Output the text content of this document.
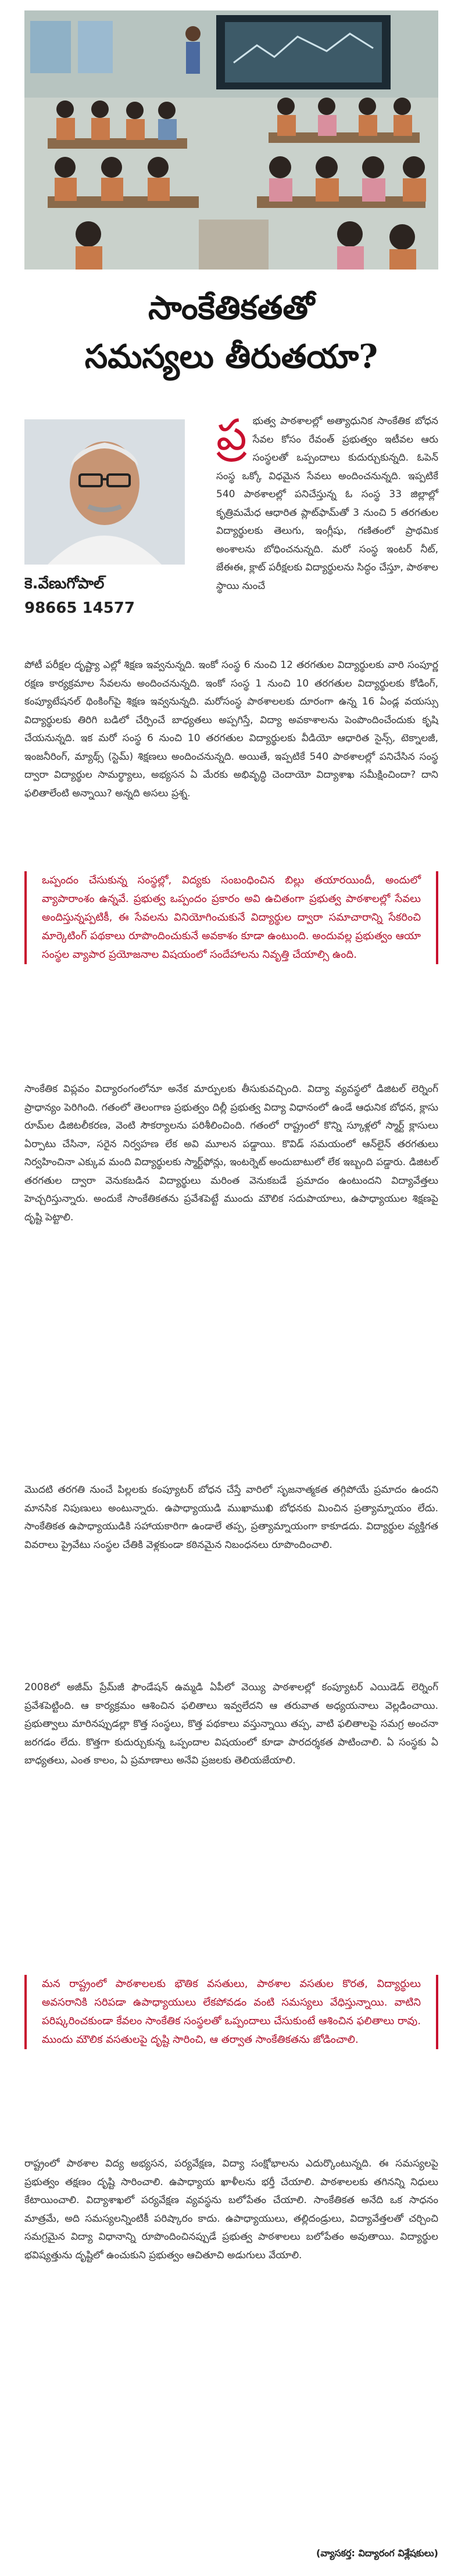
సాంకేతికతతో
సమస్యలు తీరుతయా?
కె.వేణుగోపాల్
98665 14577
ప్ర భుత్వ పాఠశాలల్లో అత్యాధునిక సాంకేతిక బోధన సేవల కోసం రేవంత్ ప్రభుత్వం ఇటీవల ఆరు సంస్థలతో ఒప్పందాలు కుదుర్చుకున్నది. ఓపెన్ సంస్థ ఒక్కో విధమైన సేవలు అందించనున్నది. ఇప్పటికే 540 పాఠశాలల్లో పనిచేస్తున్న ఓ సంస్థ 33 జిల్లాల్లో కృత్రిమమేధ ఆధారిత ప్లాట్‌ఫామ్‌తో 3 నుంచి 5 తరగతుల విద్యార్థులకు తెలుగు, ఇంగ్లీషు, గణితంలో ప్రాథమిక అంశాలను బోధించనున్నది. మరో సంస్థ ఇంటర్ నీట్, జేఈఈ, క్లాట్ పరీక్షలకు విద్యార్థులను సిద్ధం చేస్తూ, పాఠశాల స్థాయి నుంచే

పోటీ పరీక్షల దృష్ట్యా ఎల్లో శిక్షణ ఇవ్వనున్నది. ఇంకో సంస్థ 6 నుంచి 12 తరగతుల విద్యార్థులకు వారి సంపూర్ణ రక్షణ కార్యక్రమాల సేవలను అందించనున్నది. ఇంకో సంస్థ 1 నుంచి 10 తరగతుల విద్యార్థులకు కోడింగ్, కంప్యూటేషనల్ థింకింగ్‌పై శిక్షణ ఇవ్వనున్నది. మరోసంస్థ పాఠశాలలకు దూరంగా ఉన్న 16 ఏండ్ల వయస్సు విద్యార్థులకు తిరిగి బడిలో చేర్పించే బాధ్యతలు అప్పగిస్తే, విద్యా అవకాశాలను పెంపొందించేందుకు కృషి చేయనున్నది. ఇక మరో సంస్థ 6 నుంచి 10 తరగతుల విద్యార్థులకు వీడియో ఆధారిత సైన్స్, టెక్నాలజీ, ఇంజనీరింగ్, మ్యాథ్స్ (స్టెమ్) శిక్షణలు అందించనున్నది. అయితే, ఇప్పటికే 540 పాఠశాలల్లో పనిచేసిన సంస్థ ద్వారా విద్యార్థుల సామర్థ్యాలు, అభ్యసన ఏ మేరకు అభివృద్ధి చెందాయో విద్యాశాఖ సమీక్షించిందా? దాని ఫలితాలేంటి అన్నాయి? అన్నది అసలు ప్రశ్న.

ఒప్పందం చేసుకున్న సంస్థల్లో, విద్యకు సంబంధించిన బిల్లు తయారయిందీ, అందులో వ్యాపారాంశం ఉన్నవే. ప్రభుత్వ ఒప్పందం ప్రకారం అవి ఉచితంగా ప్రభుత్వ పాఠశాలల్లో సేవలు అందిస్తున్నప్పటికీ, ఈ సేవలను వినియోగించుకునే విద్యార్థుల ద్వారా సమాచారాన్ని సేకరించి మార్కెటింగ్ పథకాలు రూపొందించుకునే అవకాశం కూడా ఉంటుంది. అందువల్ల ప్రభుత్వం ఆయా సంస్థల వ్యాపార ప్రయోజనాల విషయంలో సందేహాలను నివృత్తి చేయాల్సి ఉంది.

సాంకేతిక విప్లవం విద్యారంగంలోనూ అనేక మార్పులకు తీసుకువచ్చింది. విద్యా వ్యవస్థలో డిజిటల్ లెర్నింగ్ ప్రాధాన్యం పెరిగింది. గతంలో తెలంగాణ ప్రభుత్వం దిల్లీ ప్రభుత్వ విద్యా విధానంలో ఉండే ఆధునిక బోధన, క్లాసు రూమ్‌ల డిజిటలీకరణ, వెంటి సౌకర్యాలను పరిశీలించింది. గతంలో రాష్ట్రంలో కొన్ని స్కూళ్లలో స్మార్ట్ క్లాసులు ఏర్పాటు చేసినా, సరైన నిర్వహణ లేక అవి మూలన పడ్డాయి. కొవిడ్ సమయంలో ఆన్‌లైన్ తరగతులు నిర్వహించినా ఎక్కువ మంది విద్యార్థులకు స్మార్ట్‌ఫోన్లు, ఇంటర్నెట్ అందుబాటులో లేక ఇబ్బంది పడ్డారు. డిజిటల్ తరగతుల ద్వారా వెనుకబడిన విద్యార్థులు మరింత వెనుకబడే ప్రమాదం ఉంటుందని విద్యావేత్తలు హెచ్చరిస్తున్నారు. అందుకే సాంకేతికతను ప్రవేశపెట్టే ముందు మౌలిక సదుపాయాలు, ఉపాధ్యాయుల శిక్షణపై దృష్టి పెట్టాలి.

మొదటి తరగతి నుంచే పిల్లలకు కంప్యూటర్ బోధన చేస్తే వారిలో సృజనాత్మకత తగ్గిపోయే ప్రమాదం ఉందని మానసిక నిపుణులు అంటున్నారు. ఉపాధ్యాయుడి ముఖాముఖి బోధనకు మించిన ప్రత్యామ్నాయం లేదు. సాంకేతికత ఉపాధ్యాయుడికి సహాయకారిగా ఉండాలే తప్ప, ప్రత్యామ్నాయంగా కాకూడదు. విద్యార్థుల వ్యక్తిగత వివరాలు ప్రైవేటు సంస్థల చేతికి వెళ్లకుండా కఠినమైన నిబంధనలు రూపొందించాలి.

2008లో అజీమ్ ప్రేమ్‌జీ ఫౌండేషన్ ఉమ్మడి ఏపీలో వెయ్యి పాఠశాలల్లో కంప్యూటర్ ఎయిడెడ్ లెర్నింగ్ ప్రవేశపెట్టింది. ఆ కార్యక్రమం ఆశించిన ఫలితాలు ఇవ్వలేదని ఆ తరువాత అధ్యయనాలు వెల్లడించాయి. ప్రభుత్వాలు మారినప్పుడల్లా కొత్త సంస్థలు, కొత్త పథకాలు వస్తున్నాయి తప్ప, వాటి ఫలితాలపై సమగ్ర అంచనా జరగడం లేదు. కొత్తగా కుదుర్చుకున్న ఒప్పందాల విషయంలో కూడా పారదర్శకత పాటించాలి. ఏ సంస్థకు ఏ బాధ్యతలు, ఎంత కాలం, ఏ ప్రమాణాలు అనేవి ప్రజలకు తెలియజేయాలి.

మన రాష్ట్రంలో పాఠశాలలకు భౌతిక వసతులు, పాఠశాల వసతుల కొరత, విద్యార్థులు అవసరానికి సరిపడా ఉపాధ్యాయులు లేకపోవడం వంటి సమస్యలు వేధిస్తున్నాయి. వాటిని పరిష్కరించకుండా కేవలం సాంకేతిక సంస్థలతో ఒప్పందాలు చేసుకుంటే ఆశించిన ఫలితాలు రావు. ముందు మౌలిక వసతులపై దృష్టి సారించి, ఆ తర్వాత సాంకేతికతను జోడించాలి.

రాష్ట్రంలో పాఠశాల విద్య అభ్యసన, పర్యవేక్షణ, విద్యా సంక్షోభాలను ఎదుర్కొంటున్నది. ఈ సమస్యలపై ప్రభుత్వం తక్షణం దృష్టి సారించాలి. ఉపాధ్యాయ ఖాళీలను భర్తీ చేయాలి. పాఠశాలలకు తగినన్ని నిధులు కేటాయించాలి. విద్యాశాఖలో పర్యవేక్షణ వ్యవస్థను బలోపేతం చేయాలి. సాంకేతికత అనేది ఒక సాధనం మాత్రమే, అది సమస్యలన్నింటికీ పరిష్కారం కాదు. ఉపాధ్యాయులు, తల్లిదండ్రులు, విద్యావేత్తలతో చర్చించి సమగ్రమైన విద్యా విధానాన్ని రూపొందించినప్పుడే ప్రభుత్వ పాఠశాలలు బలోపేతం అవుతాయి. విద్యార్థుల భవిష్యత్తును దృష్టిలో ఉంచుకుని ప్రభుత్వం ఆచితూచి అడుగులు వేయాలి.

(వ్యాసకర్త: విద్యారంగ విశ్లేషకులు)
